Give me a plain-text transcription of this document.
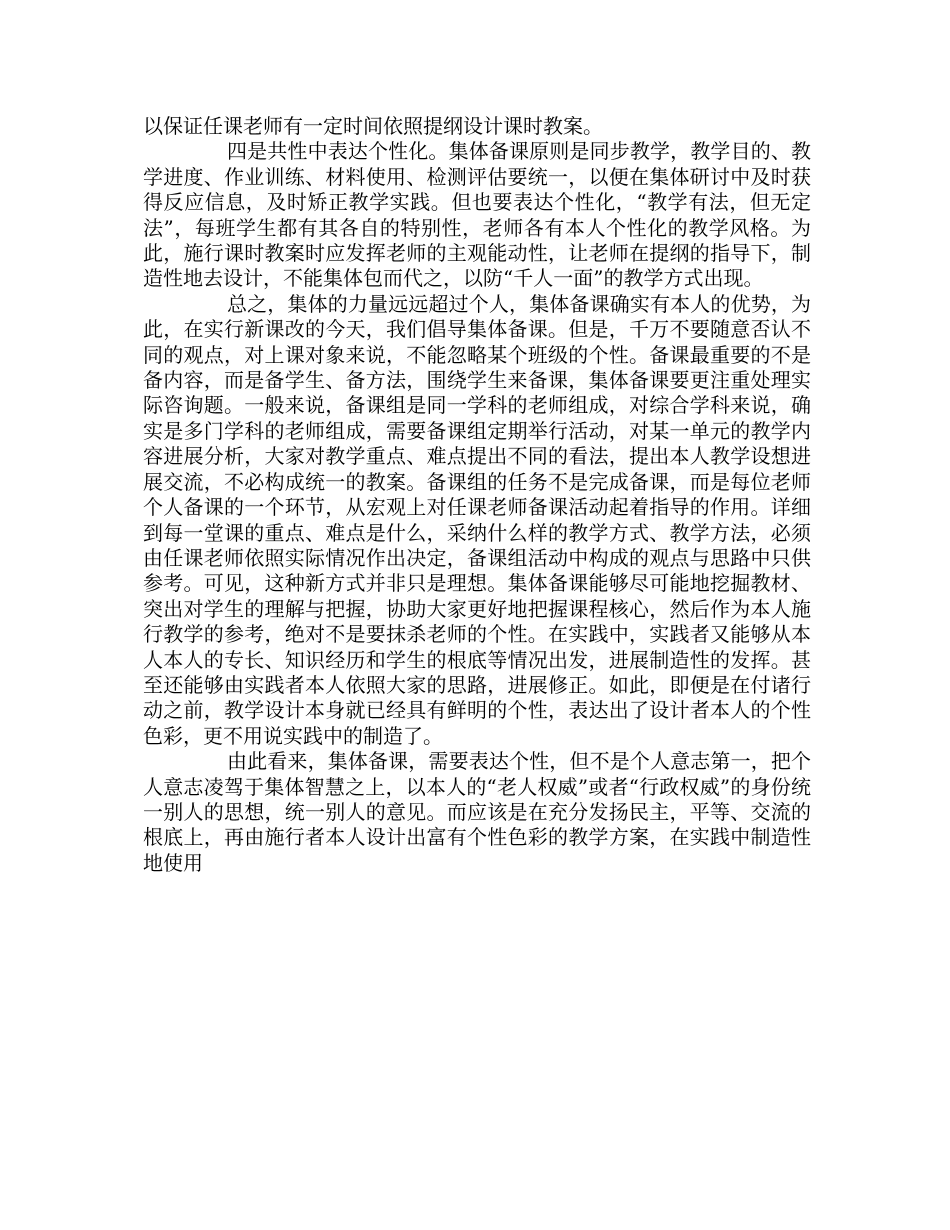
以保证任课老师有一定时间依照提纲设计课时教案。

四是共性中表达个性化。集体备课原则是同步教学，教学目的、教学进度、作业训练、材料使用、检测评估要统一，以便在集体研讨中及时获得反应信息，及时矫正教学实践。但也要表达个性化，“教学有法，但无定法”，每班学生都有其各自的特别性，老师各有本人个性化的教学风格。为此，施行课时教案时应发挥老师的主观能动性，让老师在提纲的指导下，制造性地去设计，不能集体包而代之，以防“千人一面”的教学方式出现。

总之，集体的力量远远超过个人，集体备课确实有本人的优势，为此，在实行新课改的今天，我们倡导集体备课。但是，千万不要随意否认不同的观点，对上课对象来说，不能忽略某个班级的个性。备课最重要的不是备内容，而是备学生、备方法，围绕学生来备课，集体备课要更注重处理实际咨询题。一般来说，备课组是同一学科的老师组成，对综合学科来说，确实是多门学科的老师组成，需要备课组定期举行活动，对某一单元的教学内容进展分析，大家对教学重点、难点提出不同的看法，提出本人教学设想进展交流，不必构成统一的教案。备课组的任务不是完成备课，而是每位老师个人备课的一个环节，从宏观上对任课老师备课活动起着指导的作用。详细到每一堂课的重点、难点是什么，采纳什么样的教学方式、教学方法，必须由任课老师依照实际情况作出决定，备课组活动中构成的观点与思路中只供参考。可见，这种新方式并非只是理想。集体备课能够尽可能地挖掘教材、突出对学生的理解与把握，协助大家更好地把握课程核心，然后作为本人施行教学的参考，绝对不是要抹杀老师的个性。在实践中，实践者又能够从本人本人的专长、知识经历和学生的根底等情况出发，进展制造性的发挥。甚至还能够由实践者本人依照大家的思路，进展修正。如此，即便是在付诸行动之前，教学设计本身就已经具有鲜明的个性，表达出了设计者本人的个性色彩，更不用说实践中的制造了。

由此看来，集体备课，需要表达个性，但不是个人意志第一，把个人意志凌驾于集体智慧之上，以本人的“老人权威”或者“行政权威”的身份统一别人的思想，统一别人的意见。而应该是在充分发扬民主，平等、交流的根底上，再由施行者本人设计出富有个性色彩的教学方案，在实践中制造性地使用
